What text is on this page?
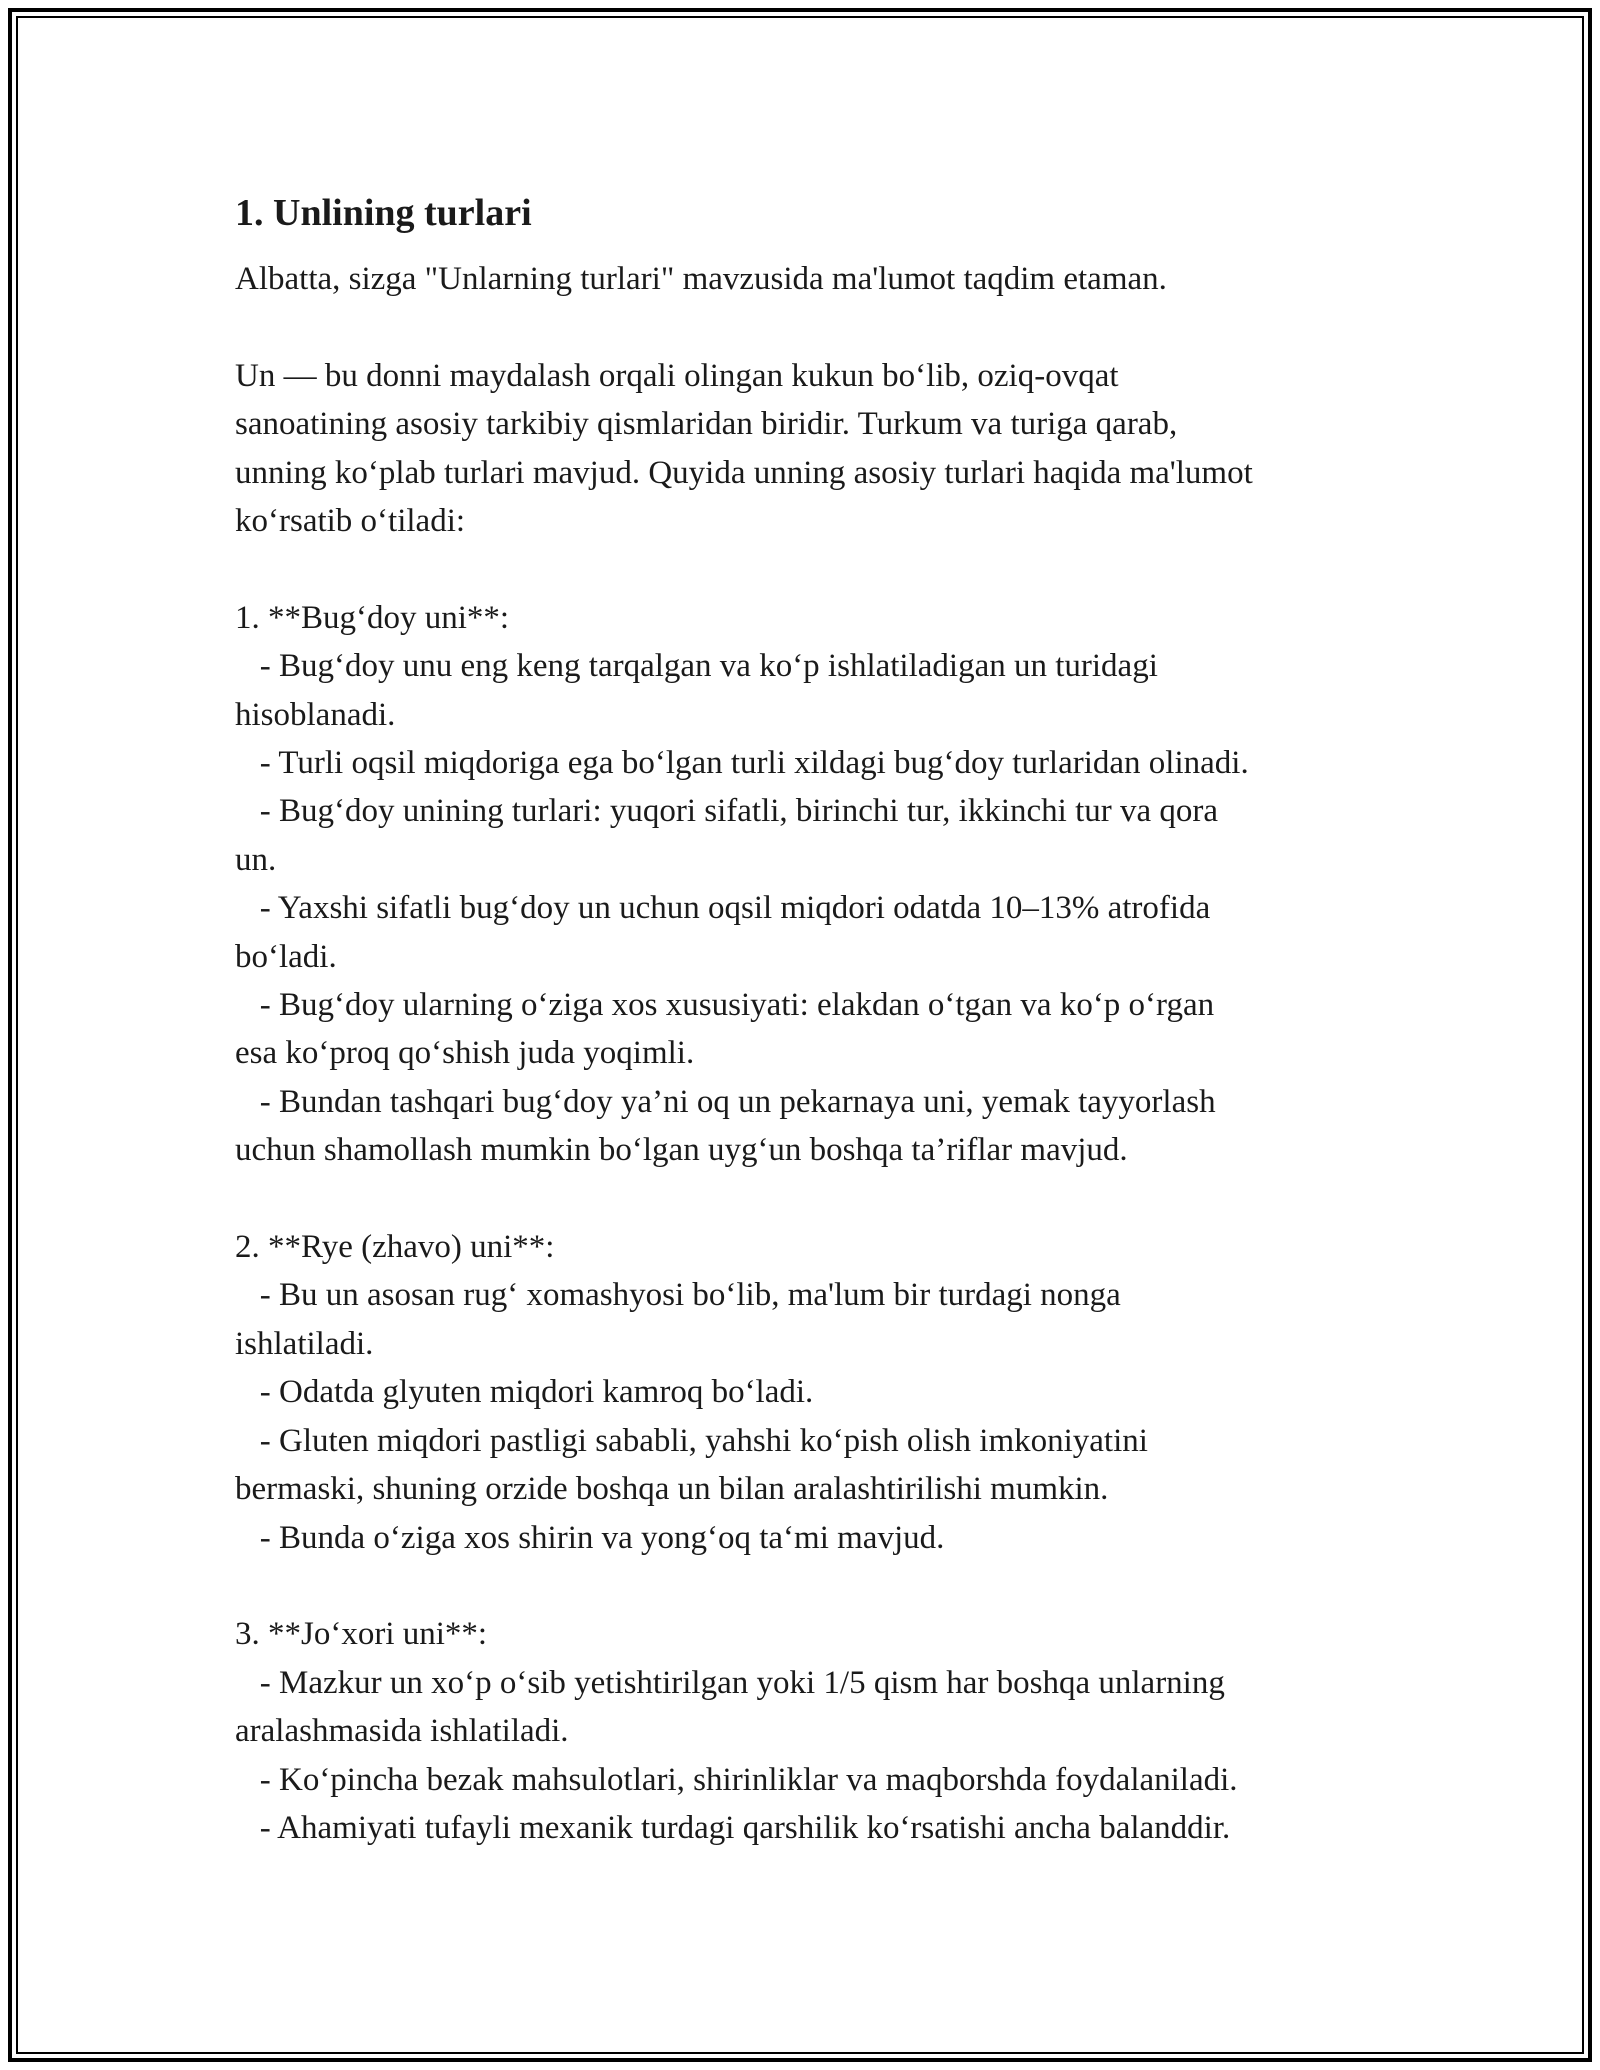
1. Unlining turlari
Albatta, sizga "Unlarning turlari" mavzusida ma'lumot taqdim etaman.
Un — bu donni maydalash orqali olingan kukun bo‘lib, oziq-ovqat
sanoatining asosiy tarkibiy qismlaridan biridir. Turkum va turiga qarab,
unning ko‘plab turlari mavjud. Quyida unning asosiy turlari haqida ma'lumot
ko‘rsatib o‘tiladi:
1. **Bug‘doy uni**:
- Bug‘doy unu eng keng tarqalgan va ko‘p ishlatiladigan un turidagi
hisoblanadi.
- Turli oqsil miqdoriga ega bo‘lgan turli xildagi bug‘doy turlaridan olinadi.
- Bug‘doy unining turlari: yuqori sifatli, birinchi tur, ikkinchi tur va qora
un.
- Yaxshi sifatli bug‘doy un uchun oqsil miqdori odatda 10–13% atrofida
bo‘ladi.
- Bug‘doy ularning o‘ziga xos xususiyati: elakdan o‘tgan va ko‘p o‘rgan
esa ko‘proq qo‘shish juda yoqimli.
- Bundan tashqari bug‘doy ya’ni oq un pekarnaya uni, yemak tayyorlash
uchun shamollash mumkin bo‘lgan uyg‘un boshqa ta’riflar mavjud.
2. **Rye (zhavo) uni**:
- Bu un asosan rug‘ xomashyosi bo‘lib, ma'lum bir turdagi nonga
ishlatiladi.
- Odatda glyuten miqdori kamroq bo‘ladi.
- Gluten miqdori pastligi sababli, yahshi ko‘pish olish imkoniyatini
bermaski, shuning orzide boshqa un bilan aralashtirilishi mumkin.
- Bunda o‘ziga xos shirin va yong‘oq ta‘mi mavjud.
3. **Jo‘xori uni**:
- Mazkur un xo‘p o‘sib yetishtirilgan yoki 1/5 qism har boshqa unlarning
aralashmasida ishlatiladi.
- Ko‘pincha bezak mahsulotlari, shirinliklar va maqborshda foydalaniladi.
- Ahamiyati tufayli mexanik turdagi qarshilik ko‘rsatishi ancha balanddir.
